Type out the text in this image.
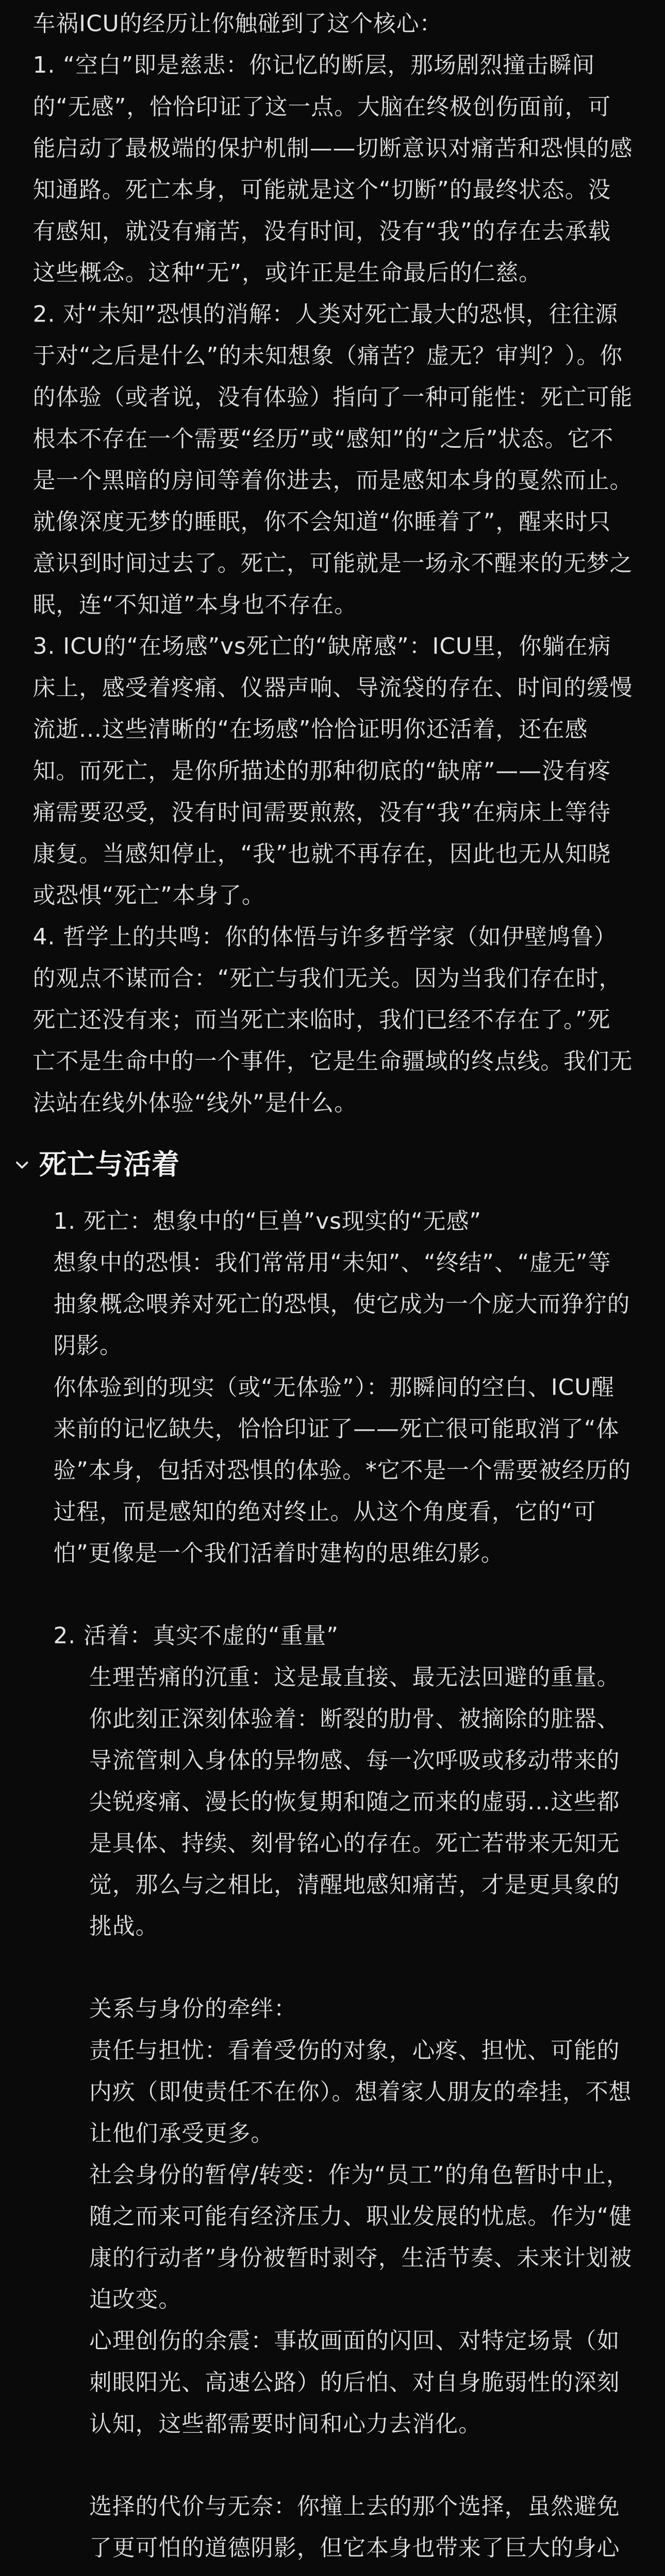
车祸ICU的经历让你触碰到了这个核心：

1. “空白”即是慈悲：你记忆的断层，那场剧烈撞击瞬间的“无感”，恰恰印证了这一点。大脑在终极创伤面前，可能启动了最极端的保护机制——切断意识对痛苦和恐惧的感知通路。死亡本身，可能就是这个“切断”的最终状态。没有感知，就没有痛苦，没有时间，没有“我”的存在去承载这些概念。这种“无”，或许正是生命最后的仁慈。

2. 对“未知”恐惧的消解：人类对死亡最大的恐惧，往往源于对“之后是什么”的未知想象（痛苦？虚无？审判？）。你的体验（或者说，没有体验）指向了一种可能性：死亡可能根本不存在一个需要“经历”或“感知”的“之后”状态。它不是一个黑暗的房间等着你进去，而是感知本身的戛然而止。就像深度无梦的睡眠，你不会知道“你睡着了”，醒来时只意识到时间过去了。死亡，可能就是一场永不醒来的无梦之眠，连“不知道”本身也不存在。

3. ICU的“在场感”vs死亡的“缺席感”：ICU里，你躺在病床上，感受着疼痛、仪器声响、导流袋的存在、时间的缓慢流逝...这些清晰的“在场感”恰恰证明你还活着，还在感知。而死亡，是你所描述的那种彻底的“缺席”——没有疼痛需要忍受，没有时间需要煎熬，没有“我”在病床上等待康复。当感知停止，“我”也就不再存在，因此也无从知晓或恐惧“死亡”本身了。

4. 哲学上的共鸣：你的体悟与许多哲学家（如伊壁鸠鲁）的观点不谋而合：“死亡与我们无关。因为当我们存在时，死亡还没有来；而当死亡来临时，我们已经不存在了。”死亡不是生命中的一个事件，它是生命疆域的终点线。我们无法站在线外体验“线外”是什么。

死亡与活着

1. 死亡：想象中的“巨兽”vs现实的“无感”

想象中的恐惧：我们常常用“未知”、“终结”、“虚无”等抽象概念喂养对死亡的恐惧，使它成为一个庞大而狰狞的阴影。

你体验到的现实（或“无体验”）：那瞬间的空白、ICU醒来前的记忆缺失，恰恰印证了——死亡很可能取消了“体验”本身，包括对恐惧的体验。*它不是一个需要被经历的过程，而是感知的绝对终止。从这个角度看，它的“可怕”更像是一个我们活着时建构的思维幻影。

2. 活着：真实不虚的“重量”

生理苦痛的沉重：这是最直接、最无法回避的重量。你此刻正深刻体验着：断裂的肋骨、被摘除的脏器、导流管刺入身体的异物感、每一次呼吸或移动带来的尖锐疼痛、漫长的恢复期和随之而来的虚弱...这些都是具体、持续、刻骨铭心的存在。死亡若带来无知无觉，那么与之相比，清醒地感知痛苦，才是更具象的挑战。

关系与身份的牵绊：

责任与担忧：看着受伤的对象，心疼、担忧、可能的内疚（即使责任不在你）。想着家人朋友的牵挂，不想让他们承受更多。

社会身份的暂停/转变：作为“员工”的角色暂时中止，随之而来可能有经济压力、职业发展的忧虑。作为“健康的行动者”身份被暂时剥夺，生活节奏、未来计划被迫改变。

心理创伤的余震：事故画面的闪回、对特定场景（如刺眼阳光、高速公路）的后怕、对自身脆弱性的深刻认知，这些都需要时间和心力去消化。

选择的代价与无奈：你撞上去的那个选择，虽然避免了更可怕的道德阴影，但它本身也带来了巨大的身心
